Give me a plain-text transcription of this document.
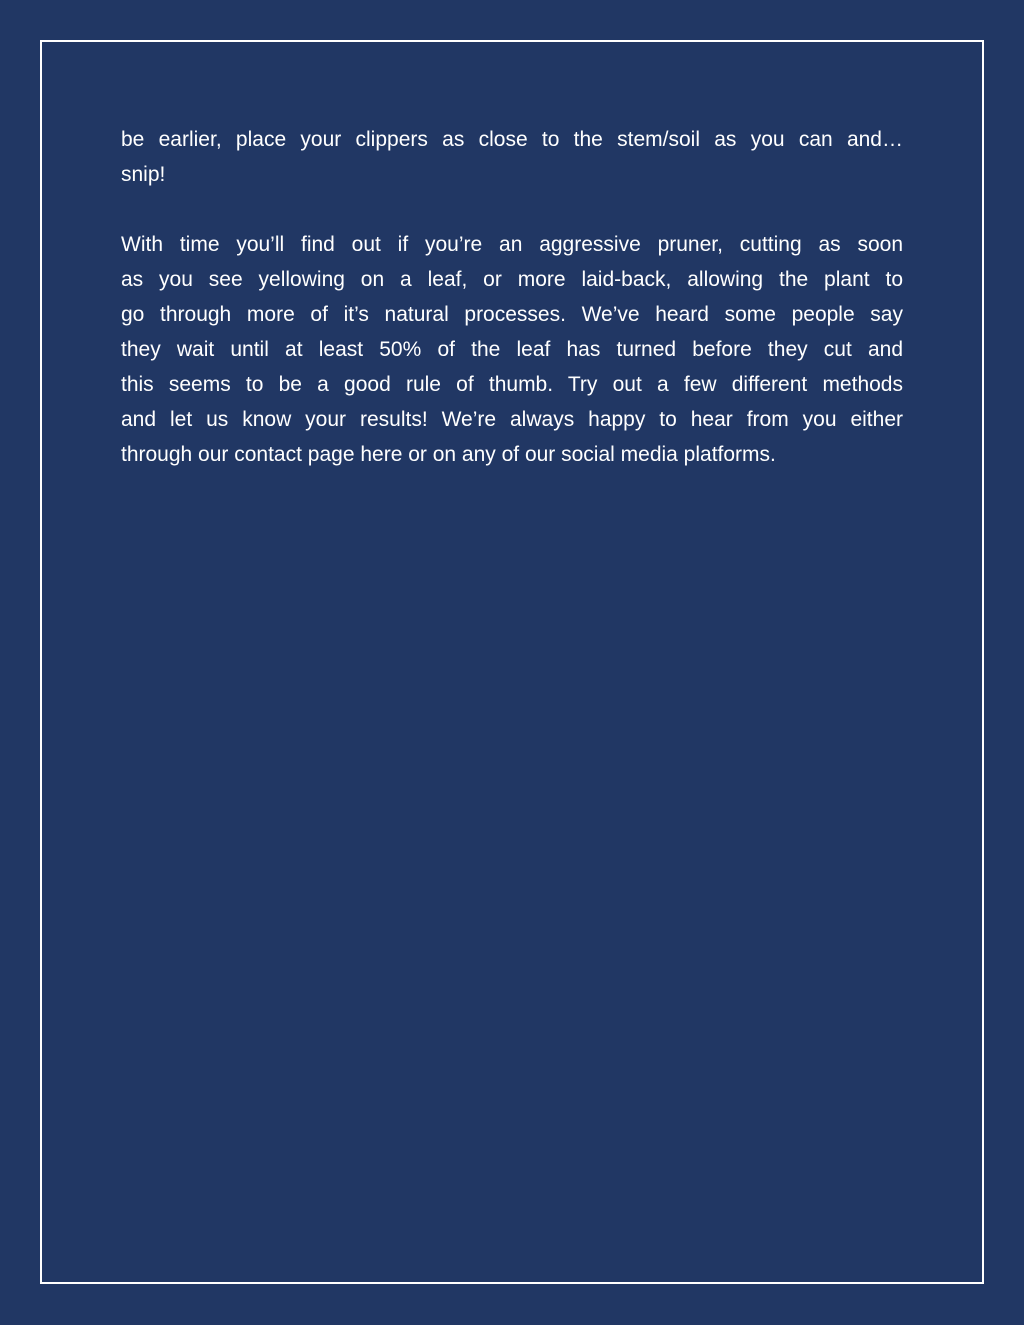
be earlier, place your clippers as close to the stem/soil as you can and…
snip!

With time you’ll find out if you’re an aggressive pruner, cutting as soon
as you see yellowing on a leaf, or more laid-back, allowing the plant to
go through more of it’s natural processes. We’ve heard some people say
they wait until at least 50% of the leaf has turned before they cut and
this seems to be a good rule of thumb. Try out a few different methods
and let us know your results! We’re always happy to hear from you either
through our contact page here or on any of our social media platforms.
